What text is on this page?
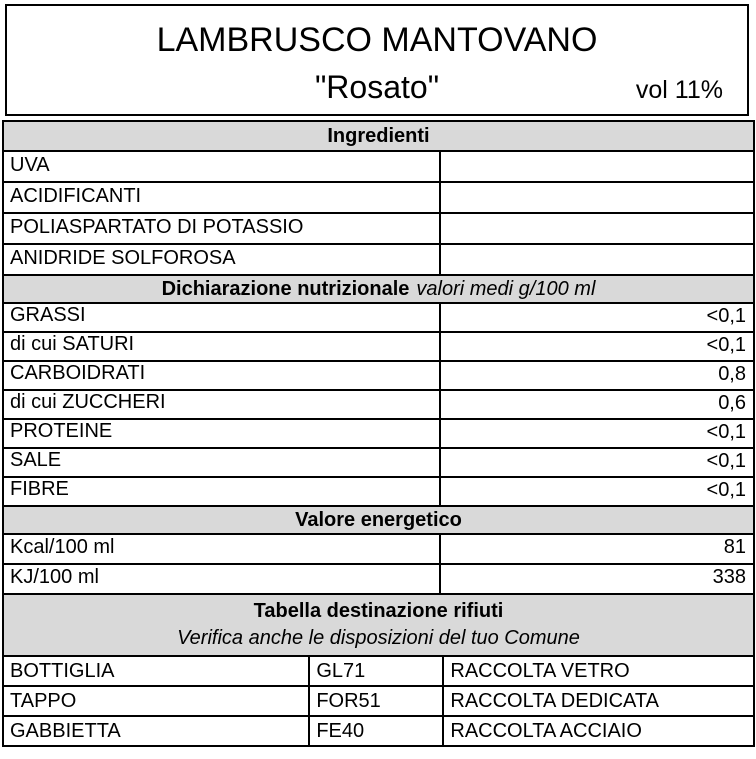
LAMBRUSCO MANTOVANO
"Rosato"	vol 11%
Ingredienti
UVA
ACIDIFICANTI
POLIASPARTATO DI POTASSIO
ANIDRIDE SOLFOROSA
Dichiarazione nutrizionale valori medi g/100 ml
GRASSI	<0,1
di cui SATURI	<0,1
CARBOIDRATI	0,8
di cui ZUCCHERI	0,6
PROTEINE	<0,1
SALE	<0,1
FIBRE	<0,1
Valore energetico
Kcal/100 ml	81
KJ/100 ml	338
Tabella destinazione rifiuti
Verifica anche le disposizioni del tuo Comune
BOTTIGLIA	GL71	RACCOLTA VETRO
TAPPO	FOR51	RACCOLTA DEDICATA
GABBIETTA	FE40	RACCOLTA ACCIAIO
